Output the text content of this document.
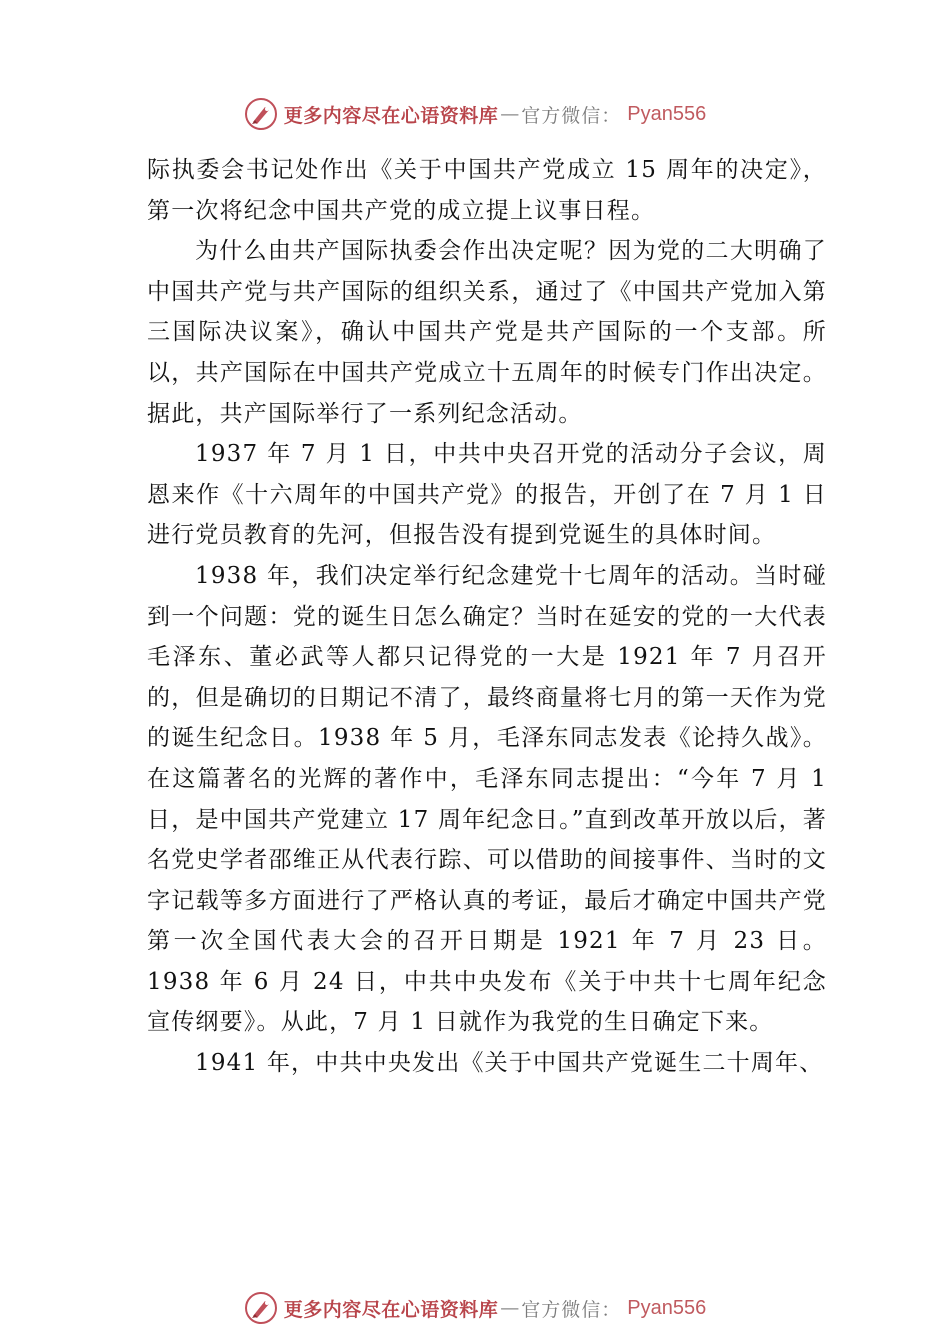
更多内容尽在心语资料库 — 官方微信： Pyan556

际执委会书记处作出《关于中国共产党成立 15 周年的决定》，第一次将纪念中国共产党的成立提上议事日程。

为什么由共产国际执委会作出决定呢？因为党的二大明确了中国共产党与共产国际的组织关系，通过了《中国共产党加入第三国际决议案》，确认中国共产党是共产国际的一个支部。所以，共产国际在中国共产党成立十五周年的时候专门作出决定。据此，共产国际举行了一系列纪念活动。

1937 年 7 月 1 日，中共中央召开党的活动分子会议，周恩来作《十六周年的中国共产党》的报告，开创了在 7 月 1 日进行党员教育的先河，但报告没有提到党诞生的具体时间。

1938 年，我们决定举行纪念建党十七周年的活动。当时碰到一个问题：党的诞生日怎么确定？当时在延安的党的一大代表毛泽东、董必武等人都只记得党的一大是 1921 年 7 月召开的，但是确切的日期记不清了，最终商量将七月的第一天作为党的诞生纪念日。1938 年 5 月，毛泽东同志发表《论持久战》。在这篇著名的光辉的著作中，毛泽东同志提出：“今年 7 月 1 日，是中国共产党建立 17 周年纪念日。”直到改革开放以后，著名党史学者邵维正从代表行踪、可以借助的间接事件、当时的文字记载等多方面进行了严格认真的考证，最后才确定中国共产党第一次全国代表大会的召开日期是 1921 年 7 月 23 日。1938 年 6 月 24 日，中共中央发布《关于中共十七周年纪念宣传纲要》。从此，7 月 1 日就作为我党的生日确定下来。

1941 年，中共中央发出《关于中国共产党诞生二十周年、

更多内容尽在心语资料库 — 官方微信： Pyan556
